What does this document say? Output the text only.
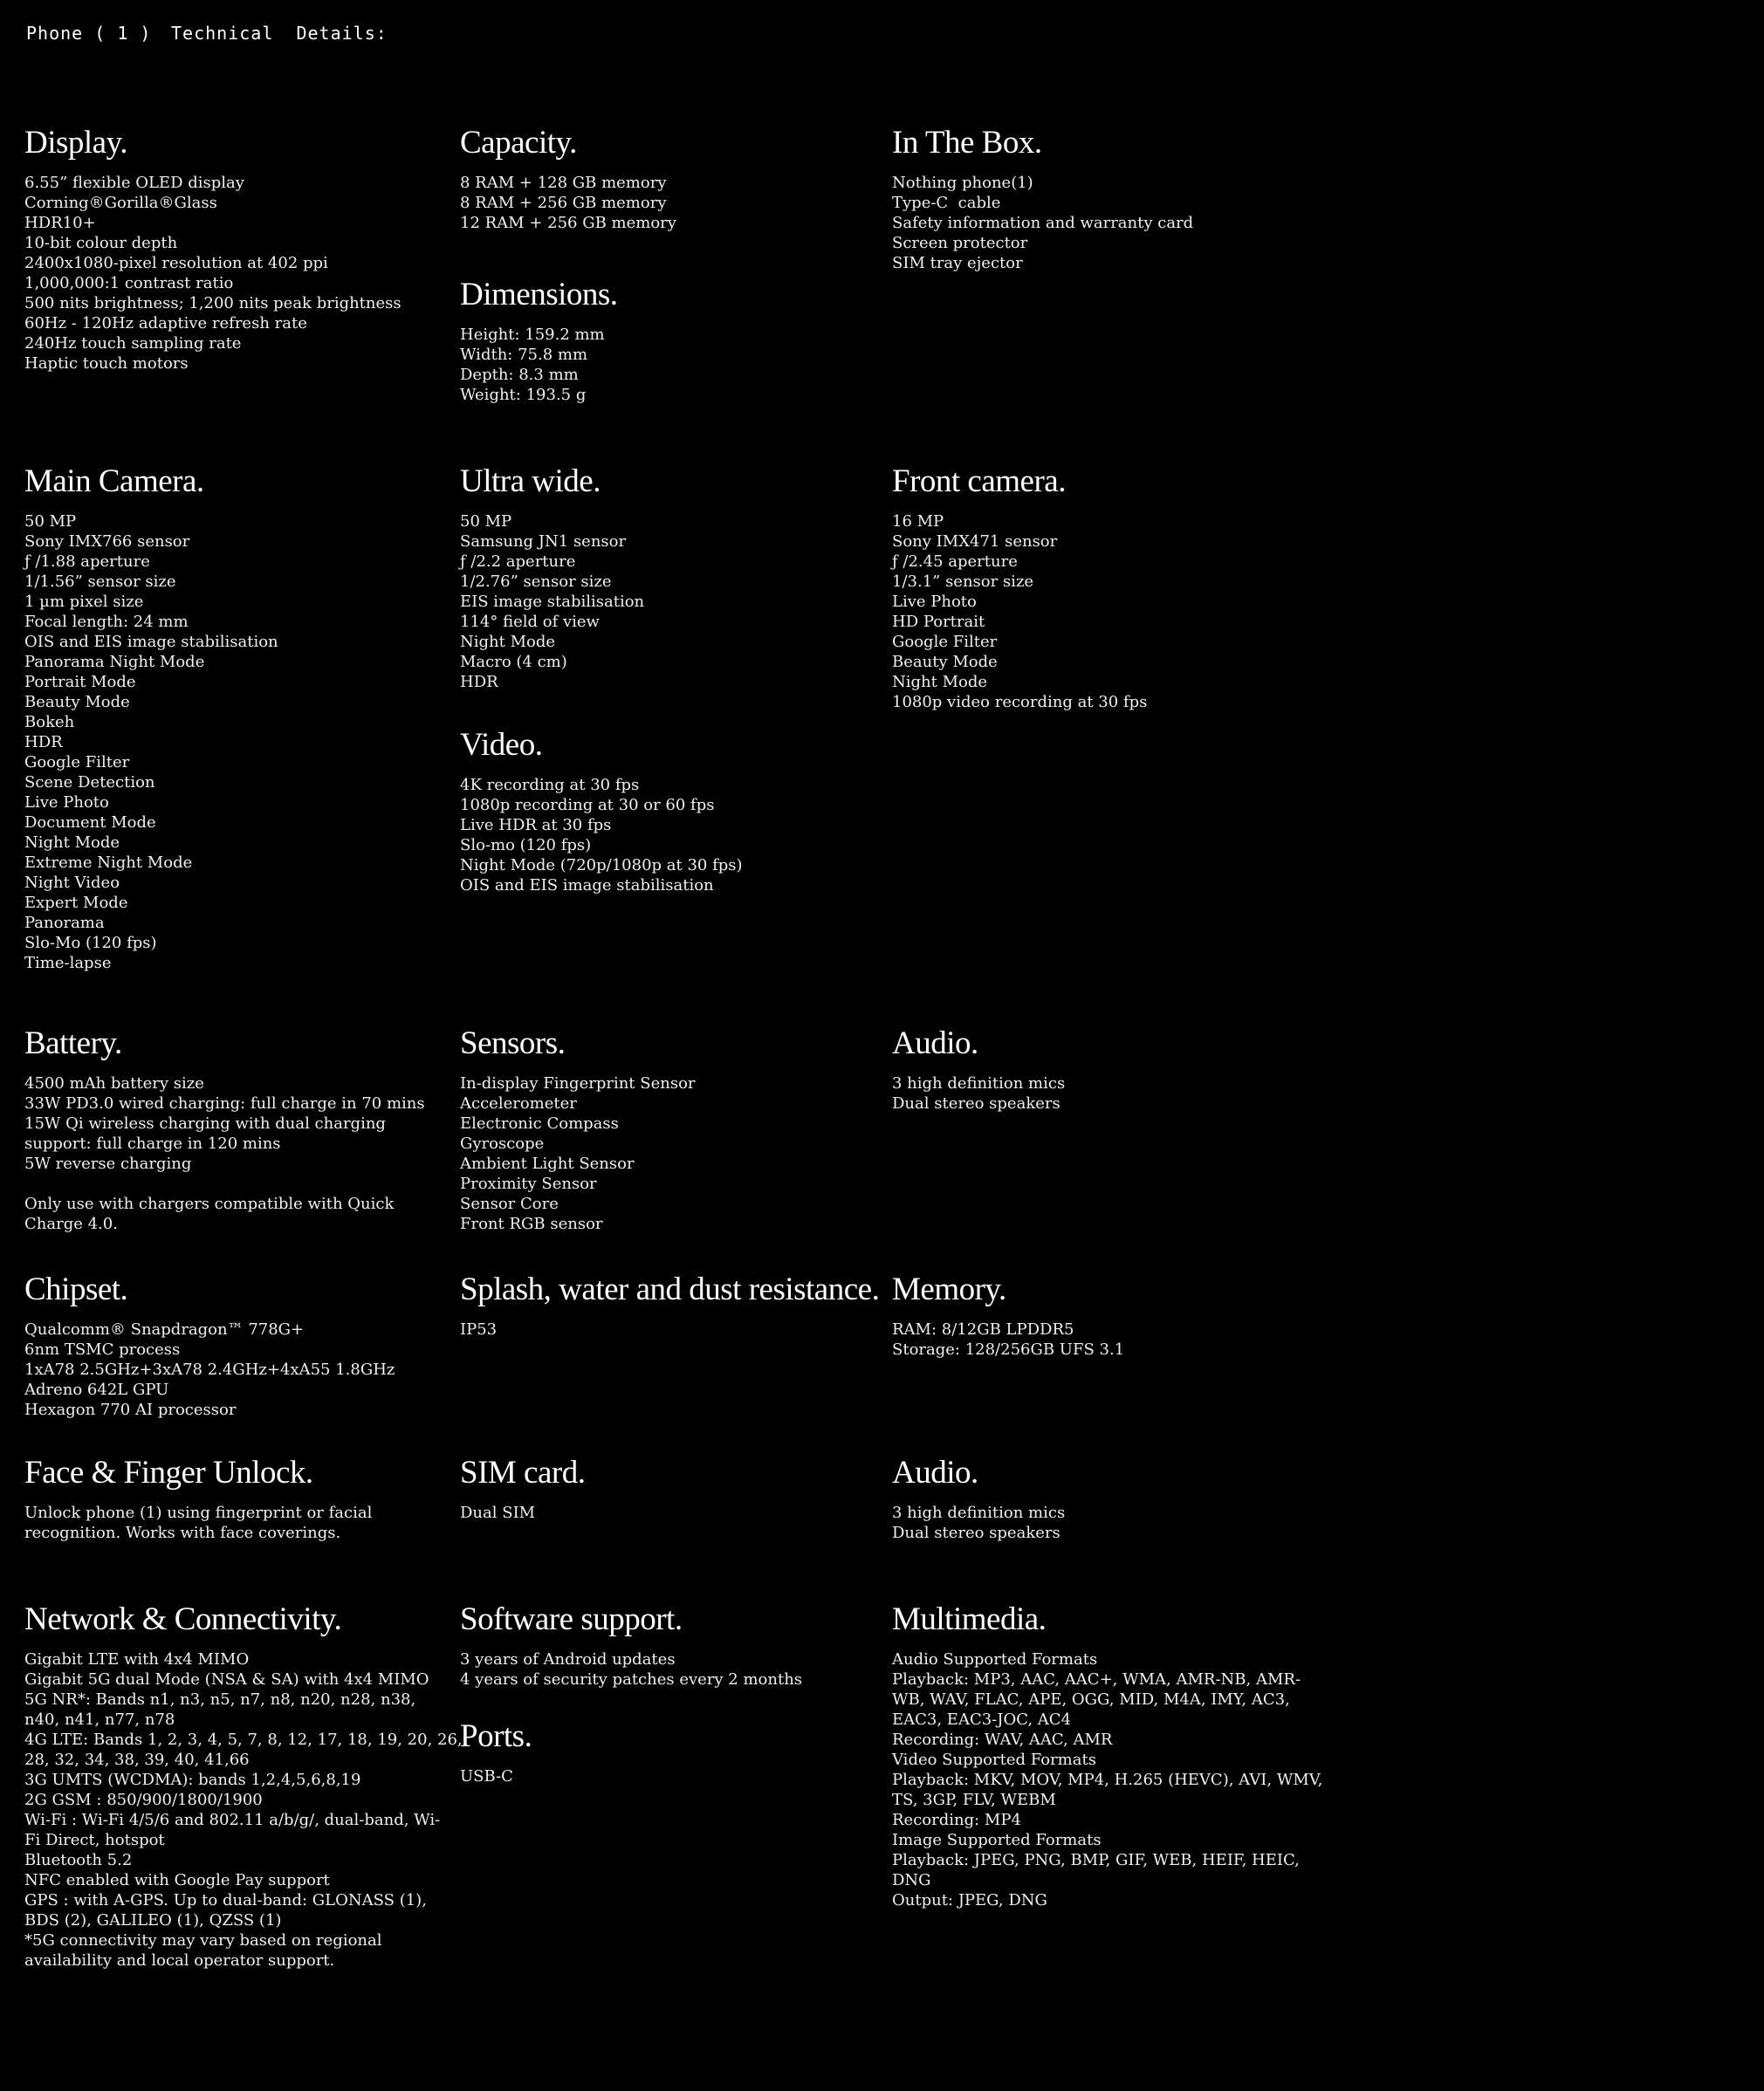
Phone ( 1 ) Technical  Details:
Display.
6.55” flexible OLED display
Corning®Gorilla®Glass
HDR10+
10-bit colour depth
2400x1080-pixel resolution at 402 ppi
1,000,000:1 contrast ratio
500 nits brightness; 1,200 nits peak brightness
60Hz - 120Hz adaptive refresh rate
240Hz touch sampling rate
Haptic touch motors
Capacity.
8 RAM + 128 GB memory
8 RAM + 256 GB memory
12 RAM + 256 GB memory
In The Box.
Nothing phone(1)
Type-C  cable
Safety information and warranty card
Screen protector
SIM tray ejector
Dimensions.
Height: 159.2 mm
Width: 75.8 mm
Depth: 8.3 mm
Weight: 193.5 g
Main Camera.
50 MP
Sony IMX766 sensor
ƒ /1.88 aperture
1/1.56” sensor size
1 µm pixel size
Focal length: 24 mm
OIS and EIS image stabilisation
Panorama Night Mode
Portrait Mode
Beauty Mode
Bokeh
HDR
Google Filter
Scene Detection
Live Photo
Document Mode
Night Mode
Extreme Night Mode
Night Video
Expert Mode
Panorama
Slo-Mo (120 fps)
Time-lapse
Ultra wide.
50 MP
Samsung JN1 sensor
ƒ /2.2 aperture
1/2.76” sensor size
EIS image stabilisation
114° field of view
Night Mode
Macro (4 cm)
HDR
Front camera.
16 MP
Sony IMX471 sensor
ƒ /2.45 aperture
1/3.1” sensor size
Live Photo
HD Portrait
Google Filter
Beauty Mode
Night Mode
1080p video recording at 30 fps
Video.
4K recording at 30 fps
1080p recording at 30 or 60 fps
Live HDR at 30 fps
Slo-mo (120 fps)
Night Mode (720p/1080p at 30 fps)
OIS and EIS image stabilisation
Battery.
4500 mAh battery size
33W PD3.0 wired charging: full charge in 70 mins
15W Qi wireless charging with dual charging
support: full charge in 120 mins
5W reverse charging
Only use with chargers compatible with Quick
Charge 4.0.
Sensors.
In-display Fingerprint Sensor
Accelerometer
Electronic Compass
Gyroscope
Ambient Light Sensor
Proximity Sensor
Sensor Core
Front RGB sensor
Audio.
3 high definition mics
Dual stereo speakers
Chipset.
Qualcomm® Snapdragon™ 778G+
6nm TSMC process
1xA78 2.5GHz+3xA78 2.4GHz+4xA55 1.8GHz
Adreno 642L GPU
Hexagon 770 AI processor
Splash, water and dust resistance.
IP53
Memory.
RAM: 8/12GB LPDDR5
Storage: 128/256GB UFS 3.1
Face & Finger Unlock.
Unlock phone (1) using fingerprint or facial
recognition. Works with face coverings.
SIM card.
Dual SIM
Audio.
3 high definition mics
Dual stereo speakers
Network & Connectivity.
Gigabit LTE with 4x4 MIMO
Gigabit 5G dual Mode (NSA & SA) with 4x4 MIMO
5G NR*: Bands n1, n3, n5, n7, n8, n20, n28, n38,
n40, n41, n77, n78
4G LTE: Bands 1, 2, 3, 4, 5, 7, 8, 12, 17, 18, 19, 20, 26,
28, 32, 34, 38, 39, 40, 41,66
3G UMTS (WCDMA): bands 1,2,4,5,6,8,19
2G GSM : 850/900/1800/1900
Wi-Fi : Wi-Fi 4/5/6 and 802.11 a/b/g/, dual-band, Wi-
Fi Direct, hotspot
Bluetooth 5.2
NFC enabled with Google Pay support
GPS : with A-GPS. Up to dual-band: GLONASS (1),
BDS (2), GALILEO (1), QZSS (1)
*5G connectivity may vary based on regional
availability and local operator support.
Software support.
3 years of Android updates
4 years of security patches every 2 months
Multimedia.
Audio Supported Formats
Playback: MP3, AAC, AAC+, WMA, AMR-NB, AMR-
WB, WAV, FLAC, APE, OGG, MID, M4A, IMY, AC3,
EAC3, EAC3-JOC, AC4
Recording: WAV, AAC, AMR
Video Supported Formats
Playback: MKV, MOV, MP4, H.265 (HEVC), AVI, WMV,
TS, 3GP, FLV, WEBM
Recording: MP4
Image Supported Formats
Playback: JPEG, PNG, BMP, GIF, WEB, HEIF, HEIC,
DNG
Output: JPEG, DNG
Ports.
USB-C
